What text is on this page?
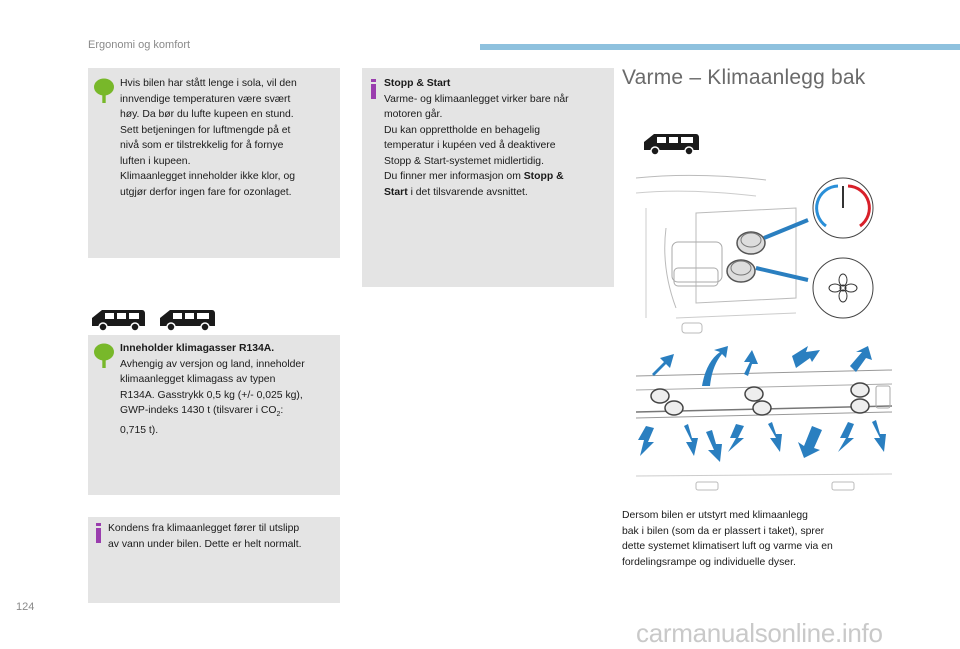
Ergonomi og komfort

Hvis bilen har stått lenge i sola, vil den

innvendige temperaturen være svært

høy. Da bør du lufte kupeen en stund.

Sett betjeningen for luftmengde på et

nivå som er tilstrekkelig for å fornye

luften i kupeen.

Klimaanlegget inneholder ikke klor, og

utgjør derfor ingen fare for ozonlaget.

Inneholder klimagasser R134A.

Avhengig av versjon og land, inneholder

klimaanlegget klimagass av typen

R134A. Gasstrykk 0,5 kg (+/- 0,025 kg),

GWP-indeks 1430 t (tilsvarer i $CO_2$:

0,715 t).

Kondens fra klimaanlegget fører til utslipp

av vann under bilen. Dette er helt normalt.

Stopp & Start

Varme- og klimaanlegget virker bare når

motoren går.

Du kan opprettholde en behagelig

temperatur i kupéen ved å deaktivere

Stopp & Start-systemet midlertidig.

Du finner mer informasjon om Stopp &

Start i det tilsvarende avsnittet.

Varme – Klimaanlegg bak

Dersom bilen er utstyrt med klimaanlegg

bak i bilen (som da er plassert i taket), sprer

dette systemet klimatisert luft og varme via en

fordelingsrampe og individuelle dyser.

124
carmanualsonline.info
